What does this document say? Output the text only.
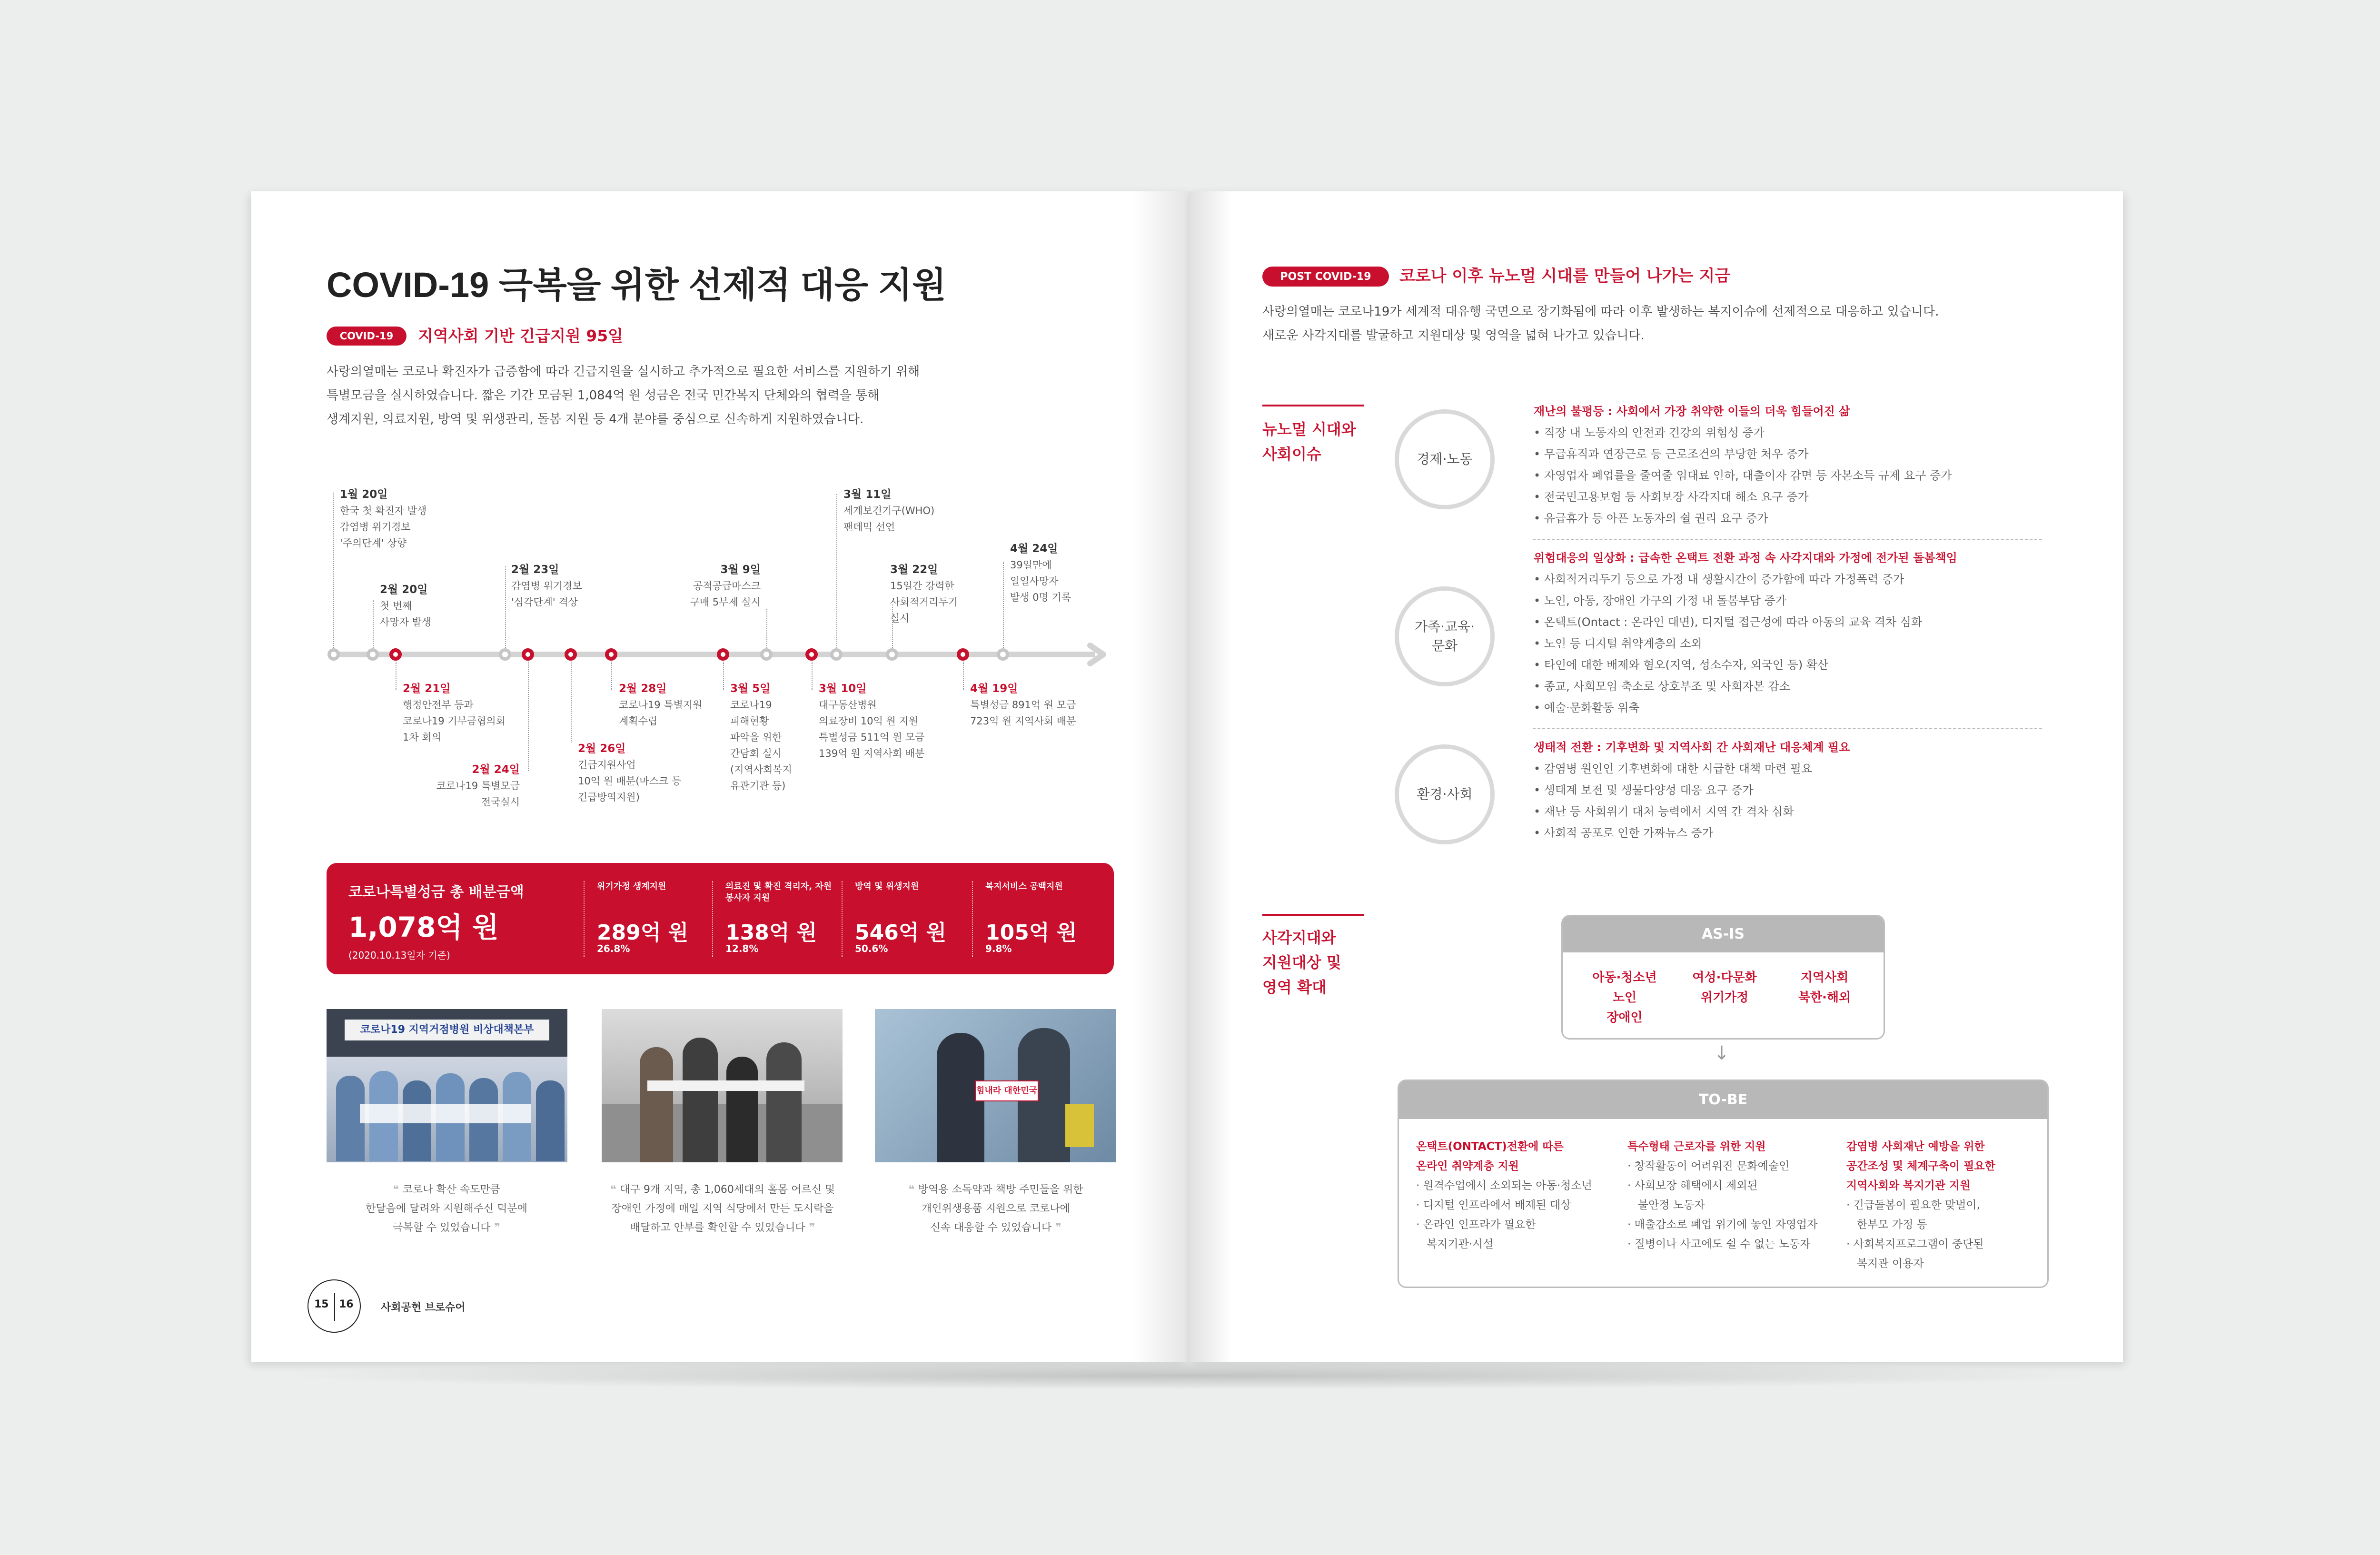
COVID-19 극복을 위한 선제적 대응 지원
COVID-19	지역사회 기반 긴급지원 95일
사랑의열매는 코로나 확진자가 급증함에 따라 긴급지원을 실시하고 추가적으로 필요한 서비스를 지원하기 위해
특별모금을 실시하였습니다. 짧은 기간 모금된 1,084억 원 성금은 전국 민간복지 단체와의 협력을 통해
생계지원, 의료지원, 방역 및 위생관리, 돌봄 지원 등 4개 분야를 중심으로 신속하게 지원하였습니다.
1월 20일
한국 첫 확진자 발생
감염병 위기경보
'주의단계' 상향
2월 20일
첫 번째
사망자 발생
2월 23일
감염병 위기경보
'심각단계' 격상
3월 9일
공적공급마스크
구매 5부제 실시
3월 11일
세계보건기구(WHO)
팬데믹 선언
3월 22일
15일간 강력한
사회적거리두기
실시
4월 24일
39일만에
일일사망자
발생 0명 기록
2월 21일
행정안전부 등과
코로나19 기부금협의회
1차 회의
2월 24일
코로나19 특별모금
전국실시
2월 26일
긴급지원사업
10억 원 배분(마스크 등
긴급방역지원)
2월 28일
코로나19 특별지원
계획수립
3월 5일
코로나19
피해현황
파악을 위한
간담회 실시
(지역사회복지
유관기관 등)
3월 10일
대구동산병원
의료장비 10억 원 지원
특별성금 511억 원 모금
139억 원 지역사회 배분
4월 19일
특별성금 891억 원 모금
723억 원 지역사회 배분
코로나특별성금 총 배분금액
1,078억 원
(2020.10.13일자 기준)
위기가정 생계지원
289억 원
26.8%
의료진 및 확진 격리자, 자원봉사자 지원
138억 원
12.8%
방역 및 위생지원
546억 원
50.6%
복지서비스 공백지원
105억 원
9.8%
코로나19 지역거점병원 비상대책본부
힘내라 대한민국
❝ 코로나 확산 속도만큼
한달음에 달려와 지원해주신 덕분에
극복할 수 있었습니다 ❞
❝ 대구 9개 지역, 총 1,060세대의 홀몸 어르신 및
장애인 가정에 매일 지역 식당에서 만든 도시락을
배달하고 안부를 확인할 수 있었습니다 ❞
❝ 방역용 소독약과 책방 주민들을 위한
개인위생용품 지원으로 코로나에
신속 대응할 수 있었습니다 ❞
15 16	사회공헌 브로슈어
POST COVID-19	코로나 이후 뉴노멀 시대를 만들어 나가는 지금
사랑의열매는 코로나19가 세계적 대유행 국면으로 장기화됨에 따라 이후 발생하는 복지이슈에 선제적으로 대응하고 있습니다.
새로운 사각지대를 발굴하고 지원대상 및 영역을 넓혀 나가고 있습니다.
뉴노멀 시대와
사회이슈	경제·노동
가족·교육·
문화
환경·사회
재난의 불평등 : 사회에서 가장 취약한 이들의 더욱 힘들어진 삶
• 직장 내 노동자의 안전과 건강의 위험성 증가
• 무급휴직과 연장근로 등 근로조건의 부당한 처우 증가
• 자영업자 폐업률을 줄여줄 임대료 인하, 대출이자 감면 등 자본소득 규제 요구 증가
• 전국민고용보험 등 사회보장 사각지대 해소 요구 증가
• 유급휴가 등 아픈 노동자의 쉴 권리 요구 증가
위험대응의 일상화 : 급속한 온택트 전환 과정 속 사각지대와 가정에 전가된 돌봄책임
• 사회적거리두기 등으로 가정 내 생활시간이 증가함에 따라 가정폭력 증가
• 노인, 아동, 장애인 가구의 가정 내 돌봄부담 증가
• 온택트(Ontact : 온라인 대면), 디지털 접근성에 따라 아동의 교육 격차 심화
• 노인 등 디지털 취약계층의 소외
• 타인에 대한 배제와 혐오(지역, 성소수자, 외국인 등) 확산
• 종교, 사회모임 축소로 상호부조 및 사회자본 감소
• 예술·문화활동 위축
생태적 전환 : 기후변화 및 지역사회 간 사회재난 대응체계 필요
• 감염병 원인인 기후변화에 대한 시급한 대책 마련 필요
• 생태계 보전 및 생물다양성 대응 요구 증가
• 재난 등 사회위기 대처 능력에서 지역 간 격차 심화
• 사회적 공포로 인한 가짜뉴스 증가
사각지대와
지원대상 및
영역 확대
AS-IS
아동·청소년
노인
장애인
여성·다문화
위기가정
지역사회
북한·해외
↓
TO-BE
온택트(ONTACT)전환에 따른
온라인 취약계층 지원
· 원격수업에서 소외되는 아동·청소년
· 디지털 인프라에서 배제된 대상
· 온라인 인프라가 필요한
복지기관·시설
특수형태 근로자를 위한 지원
· 창작활동이 어려워진 문화예술인
· 사회보장 혜택에서 제외된
불안정 노동자
· 매출감소로 폐업 위기에 놓인 자영업자
· 질병이나 사고에도 쉴 수 없는 노동자
감염병 사회재난 예방을 위한
공간조성 및 체계구축이 필요한
지역사회와 복지기관 지원
· 긴급돌봄이 필요한 맞벌이,
한부모 가정 등
· 사회복지프로그램이 중단된
복지관 이용자
